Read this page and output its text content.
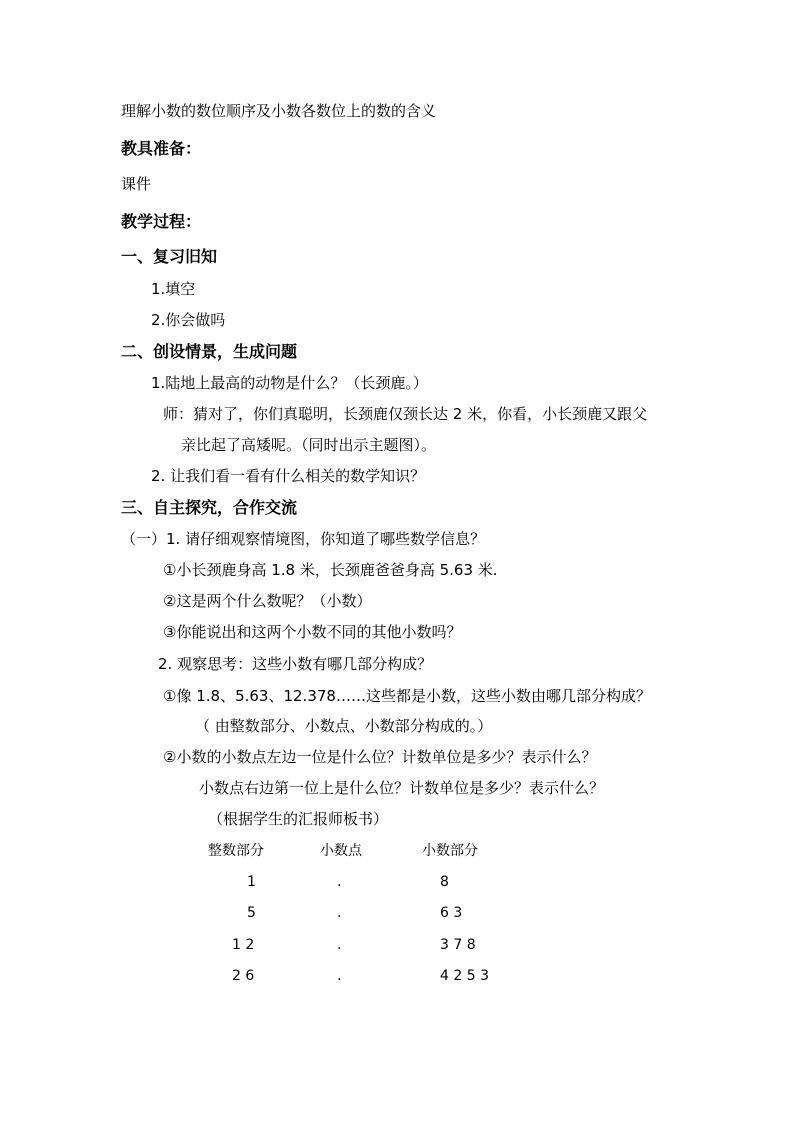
理解小数的数位顺序及小数各数位上的数的含义
教具准备：
课件
教学过程：
一、复习旧知
1.填空
2.你会做吗
二、创设情景，生成问题
1.陆地上最高的动物是什么？（长颈鹿。）
师：猜对了，你们真聪明，长颈鹿仅颈长达 2 米，你看，小长颈鹿又跟父
亲比起了高矮呢。（同时出示主题图）。
2. 让我们看一看有什么相关的数学知识？
三、自主探究，合作交流
（一）1. 请仔细观察情境图，你知道了哪些数学信息？
①小长颈鹿身高 1.8 米，长颈鹿爸爸身高 5.63 米.
②这是两个什么数呢？（小数）
③你能说出和这两个小数不同的其他小数吗？
2. 观察思考：这些小数有哪几部分构成？
①像 1.8、5.63、12.378……这些都是小数，这些小数由哪几部分构成？
（ 由整数部分、小数点、小数部分构成的。）
②小数的小数点左边一位是什么位？计数单位是多少？表示什么？
小数点右边第一位上是什么位？计数单位是多少？表示什么？
（根据学生的汇报师板书）
整数部分	小数点	小数部分
1	.	8
5	.	6 3
1 2	.	3 7 8
2 6	.	4 2 5 3
